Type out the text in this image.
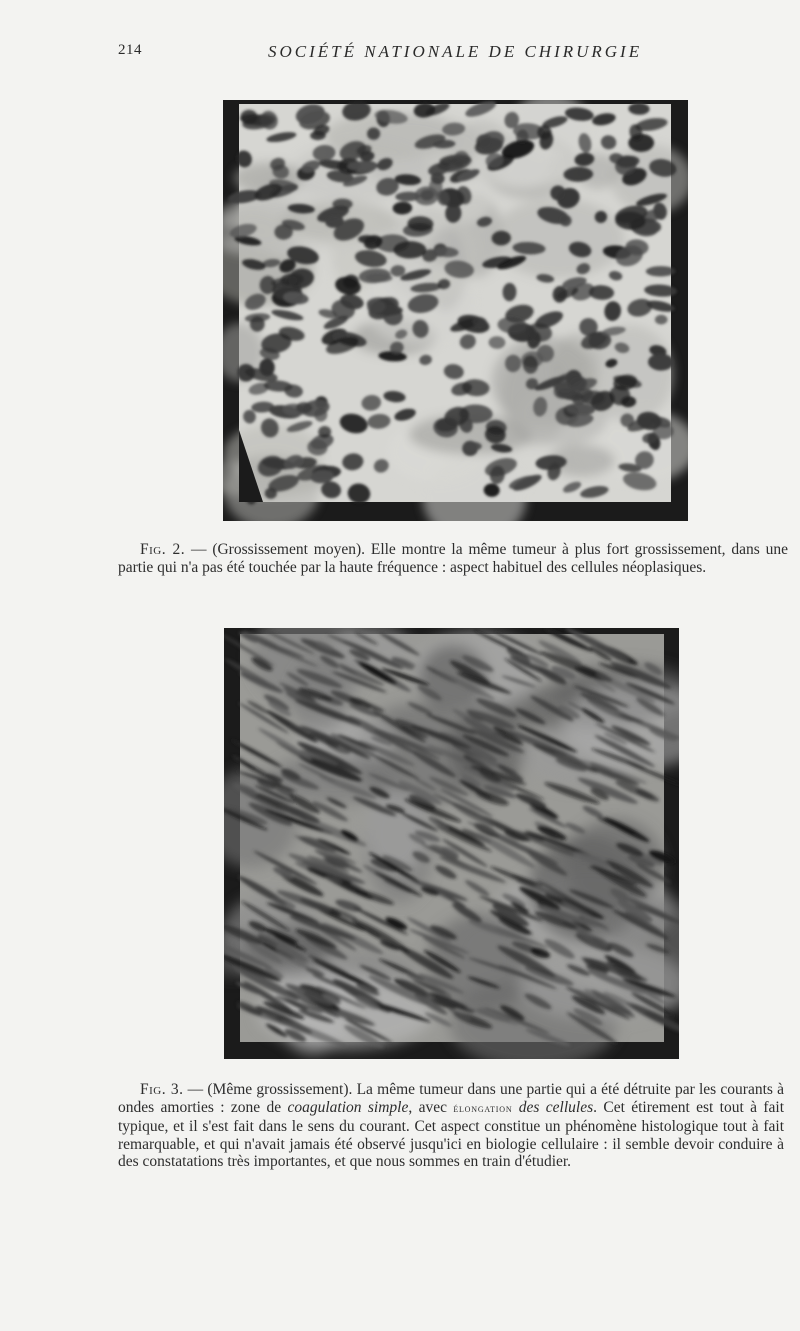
214	SOCIÉTÉ NATIONALE DE CHIRURGIE
Fig. 2. — (Grossissement moyen). Elle montre la même tumeur à plus fort grossissement, dans une partie qui n'a pas été touchée par la haute fréquence : aspect habituel des cellules néoplasiques.
Fig. 3. — (Même grossissement). La même tumeur dans une partie qui a été détruite par les courants à ondes amorties : zone de coagulation simple, avec élongation des cellules. Cet étirement est tout à fait typique, et il s'est fait dans le sens du courant. Cet aspect constitue un phénomène histologique tout à fait remarquable, et qui n'avait jamais été observé jusqu'ici en biologie cellulaire : il semble devoir conduire à des constatations très importantes, et que nous sommes en train d'étudier.
